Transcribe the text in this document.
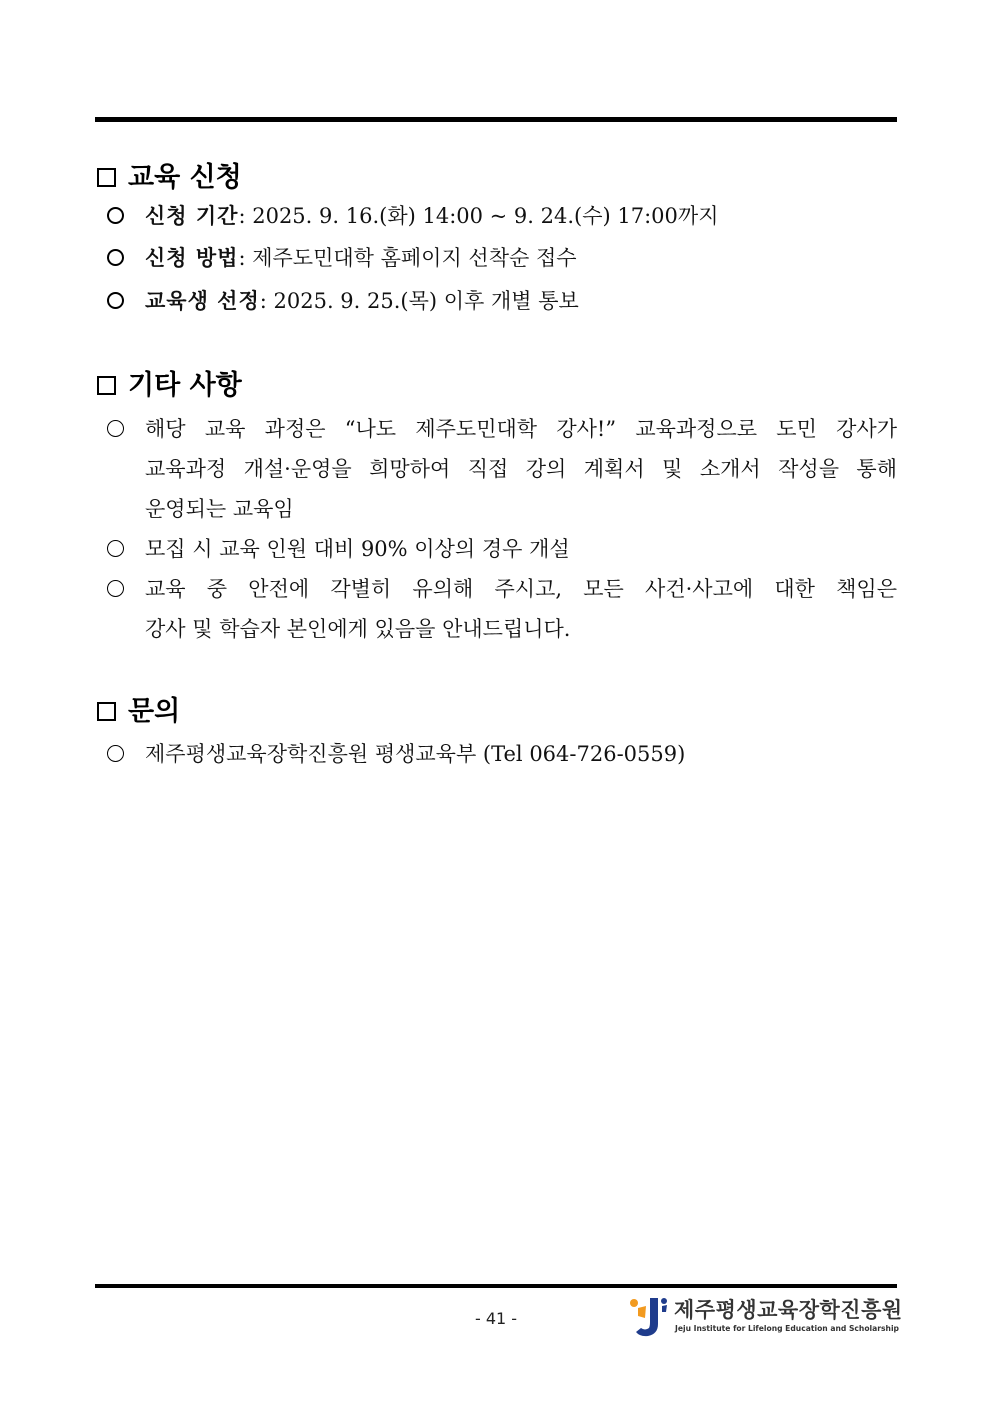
교육 신청
신청 기간: 2025. 9. 16.(화) 14:00 ~ 9. 24.(수) 17:00까지
신청 방법: 제주도민대학 홈페이지 선착순 접수
교육생 선정: 2025. 9. 25.(목) 이후 개별 통보
기타 사항
해당 교육 과정은 “나도 제주도민대학 강사!” 교육과정으로 도민 강사가
교육과정 개설·운영을 희망하여 직접 강의 계획서 및 소개서 작성을 통해
운영되는 교육임
모집 시 교육 인원 대비 90% 이상의 경우 개설
교육 중 안전에 각별히 유의해 주시고, 모든 사건·사고에 대한 책임은
강사 및 학습자 본인에게 있음을 안내드립니다.
문의
제주평생교육장학진흥원 평생교육부 (Tel 064-726-0559)
- 41 -	제주평생교육장학진흥원
Jeju Institute for Lifelong Education and Scholarship
